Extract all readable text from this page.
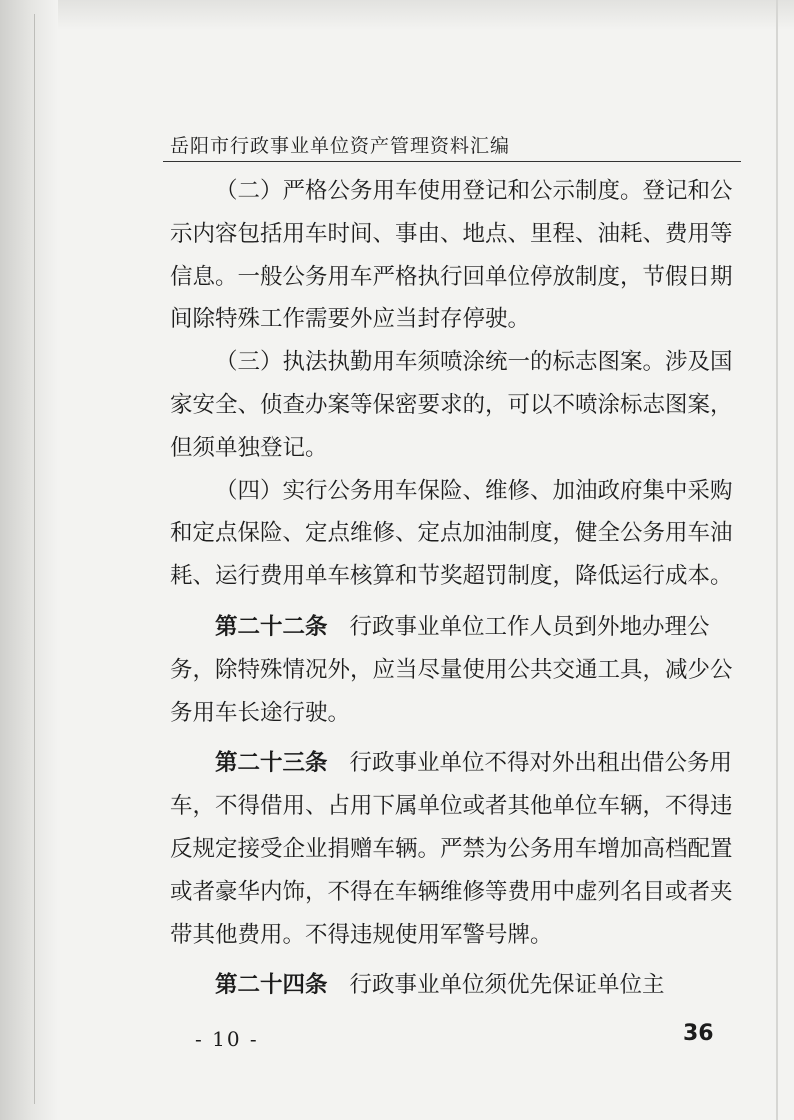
岳阳市行政事业单位资产管理资料汇编

（二）严格公务用车使用登记和公示制度。登记和公示内容包括用车时间、事由、地点、里程、油耗、费用等信息。一般公务用车严格执行回单位停放制度，节假日期间除特殊工作需要外应当封存停驶。

（三）执法执勤用车须喷涂统一的标志图案。涉及国家安全、侦查办案等保密要求的，可以不喷涂标志图案，但须单独登记。

（四）实行公务用车保险、维修、加油政府集中采购和定点保险、定点维修、定点加油制度，健全公务用车油耗、运行费用单车核算和节奖超罚制度，降低运行成本。

第二十二条 行政事业单位工作人员到外地办理公务，除特殊情况外，应当尽量使用公共交通工具，减少公务用车长途行驶。

第二十三条 行政事业单位不得对外出租出借公务用车，不得借用、占用下属单位或者其他单位车辆，不得违反规定接受企业捐赠车辆。严禁为公务用车增加高档配置或者豪华内饰，不得在车辆维修等费用中虚列名目或者夹带其他费用。不得违规使用军警号牌。

第二十四条 行政事业单位须优先保证单位主

- 10 -	36
